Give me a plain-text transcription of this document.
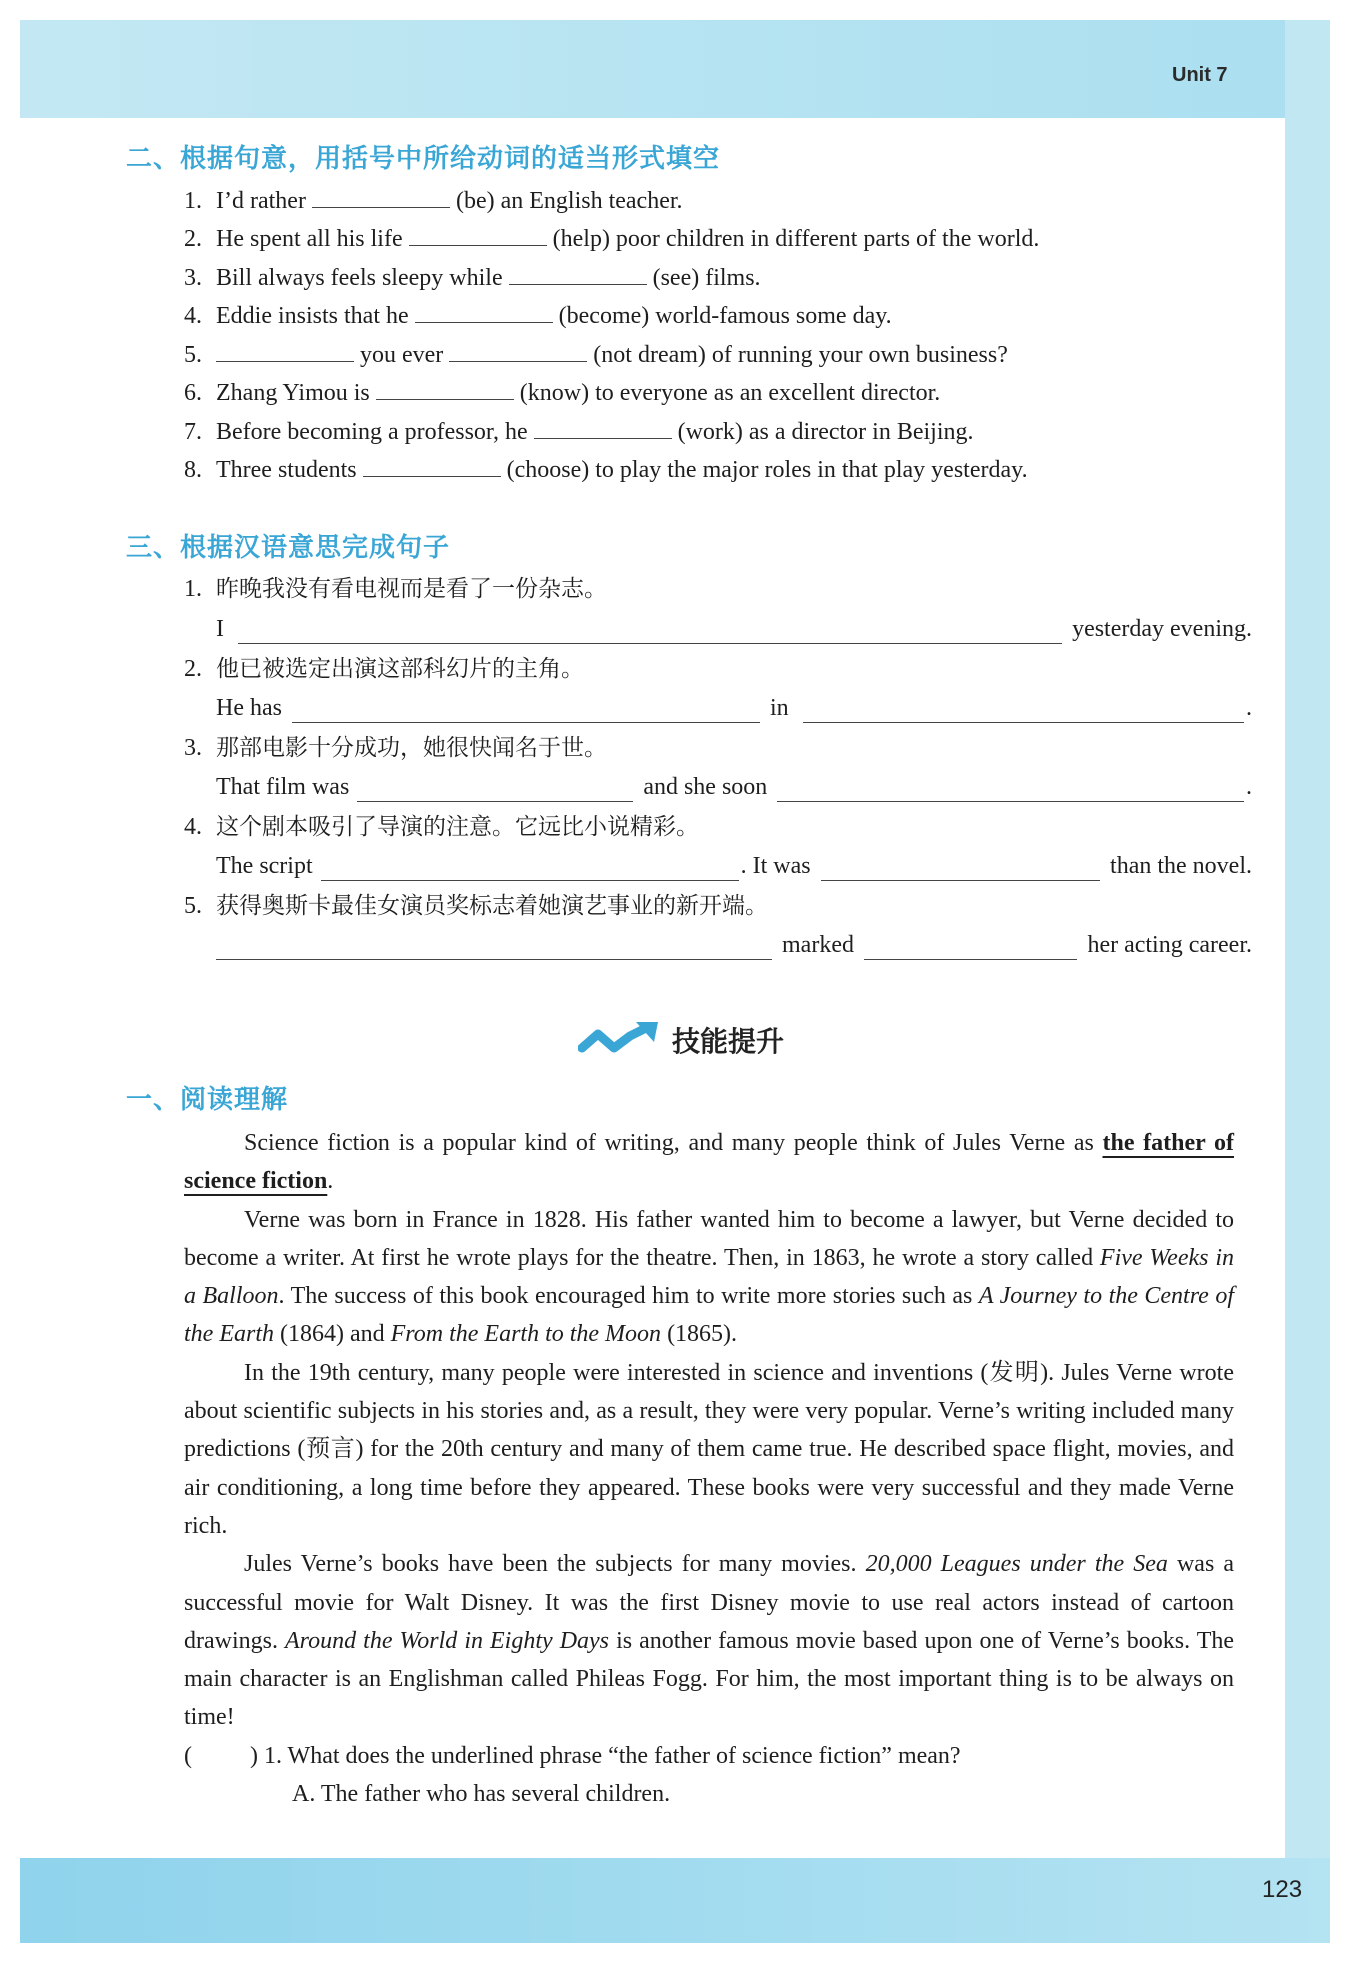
Unit 7
二、根据句意，用括号中所给动词的适当形式填空
1. I’d rather	(be) an English teacher.
2. He spent all his life	(help) poor children in different parts of the world.
3. Bill always feels sleepy while	(see) films.
4. Eddie insists that he	(become) world-famous some day.
5.	you ever	(not dream) of running your own business?
6. Zhang Yimou is	(know) to everyone as an excellent director.
7. Before becoming a professor, he	(work) as a director in Beijing.
8. Three students	(choose) to play the major roles in that play yesterday.
三、根据汉语意思完成句子
1. 昨晚我没有看电视而是看了一份杂志。
I	yesterday evening.
2. 他已被选定出演这部科幻片的主角。
He has	in	.
3. 那部电影十分成功，她很快闻名于世。
That film was	and she soon	.
4. 这个剧本吸引了导演的注意。它远比小说精彩。
The script	. It was	than the novel.
5. 获得奥斯卡最佳女演员奖标志着她演艺事业的新开端。
marked	her acting career.
技能提升
一、阅读理解
Science fiction is a popular kind of writing, and many people think of Jules Verne as the father of science fiction.
Verne was born in France in 1828. His father wanted him to become a lawyer, but Verne decided to become a writer. At first he wrote plays for the theatre. Then, in 1863, he wrote a story called Five Weeks in a Balloon. The success of this book encouraged him to write more stories such as A Journey to the Centre of the Earth (1864) and From the Earth to the Moon (1865).
In the 19th century, many people were interested in science and inventions (发明). Jules Verne wrote about scientific subjects in his stories and, as a result, they were very popular. Verne’s writing included many predictions (预言) for the 20th century and many of them came true. He described space flight, movies, and air conditioning, a long time before they appeared. These books were very successful and they made Verne rich.
Jules Verne’s books have been the subjects for many movies. 20,000 Leagues under the Sea was a successful movie for Walt Disney. It was the first Disney movie to use real actors instead of cartoon drawings. Around the World in Eighty Days is another famous movie based upon one of Verne’s books. The main character is an Englishman called Phileas Fogg. For him, the most important thing is to be always on time!
( ) 1. What does the underlined phrase “the father of science fiction” mean?
A. The father who has several children.
123
